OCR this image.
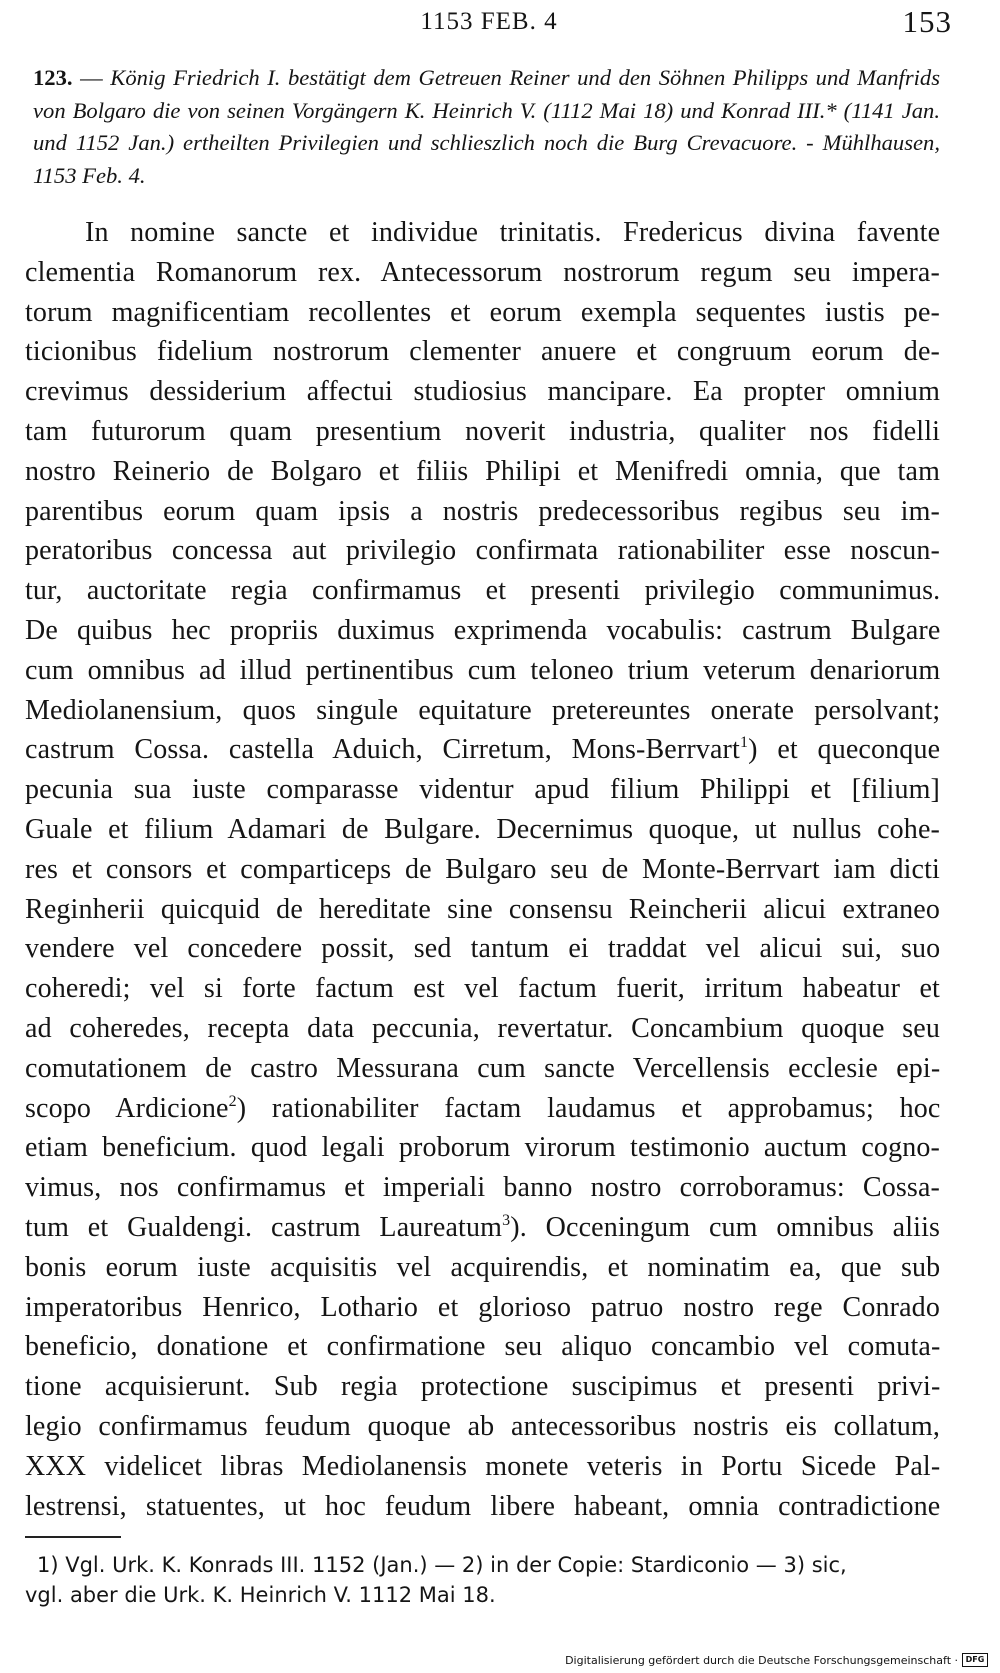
1153 FEB. 4	153
123. — König Friedrich I. bestätigt dem Getreuen Reiner und den Söhnen Philipps und Manfrids von Bolgaro die von seinen Vorgängern K. Heinrich V. (1112 Mai 18) und Konrad III.* (1141 Jan. und 1152 Jan.) ertheilten Privilegien und schlieszlich noch die Burg Crevacuore. - Mühlhausen, 1153 Feb. 4.
In nomine sancte et individue trinitatis. Fredericus divina favente
clementia Romanorum rex. Antecessorum nostrorum regum seu impera-
torum magnificentiam recollentes et eorum exempla sequentes iustis pe-
ticionibus fidelium nostrorum clementer anuere et congruum eorum de-
crevimus dessiderium affectui studiosius mancipare. Ea propter omnium
tam futurorum quam presentium noverit industria, qualiter nos fidelli
nostro Reinerio de Bolgaro et filiis Philipi et Menifredi omnia, que tam
parentibus eorum quam ipsis a nostris predecessoribus regibus seu im-
peratoribus concessa aut privilegio confirmata rationabiliter esse noscun-
tur, auctoritate regia confirmamus et presenti privilegio communimus.
De quibus hec propriis duximus exprimenda vocabulis: castrum Bulgare
cum omnibus ad illud pertinentibus cum teloneo trium veterum denariorum
Mediolanensium, quos singule equitature pretereuntes onerate persolvant;
castrum Cossa. castella Aduich, Cirretum, Mons-Berrvart$^1$) et queconque
pecunia sua iuste comparasse videntur apud filium Philippi et [filium]
Guale et filium Adamari de Bulgare. Decernimus quoque, ut nullus cohe-
res et consors et comparticeps de Bulgaro seu de Monte-Berrvart iam dicti
Reginherii quicquid de hereditate sine consensu Reincherii alicui extraneo
vendere vel concedere possit, sed tantum ei traddat vel alicui sui, suo
coheredi; vel si forte factum est vel factum fuerit, irritum habeatur et
ad coheredes, recepta data peccunia, revertatur. Concambium quoque seu
comutationem de castro Messurana cum sancte Vercellensis ecclesie epi-
scopo Ardicione$^2$) rationabiliter factam laudamus et approbamus; hoc
etiam beneficium. quod legali proborum virorum testimonio auctum cogno-
vimus, nos confirmamus et imperiali banno nostro corroboramus: Cossa-
tum et Gualdengi. castrum Laureatum$^3$). Occeningum cum omnibus aliis
bonis eorum iuste acquisitis vel acquirendis, et nominatim ea, que sub
imperatoribus Henrico, Lothario et glorioso patruo nostro rege Conrado
beneficio, donatione et confirmatione seu aliquo concambio vel comuta-
tione acquisierunt. Sub regia protectione suscipimus et presenti privi-
legio confirmamus feudum quoque ab antecessoribus nostris eis collatum,
XXX videlicet libras Mediolanensis monete veteris in Portu Sicede Pal-
lestrensi, statuentes, ut hoc feudum libere habeant, omnia contradictione
1) Vgl. Urk. K. Konrads III. 1152 (Jan.) — 2) in der Copie: Stardiconio — 3) sic,
vgl. aber die Urk. K. Heinrich V. 1112 Mai 18.
Digitalisierung gefördert durch die Deutsche Forschungsgemeinschaft · DFG
